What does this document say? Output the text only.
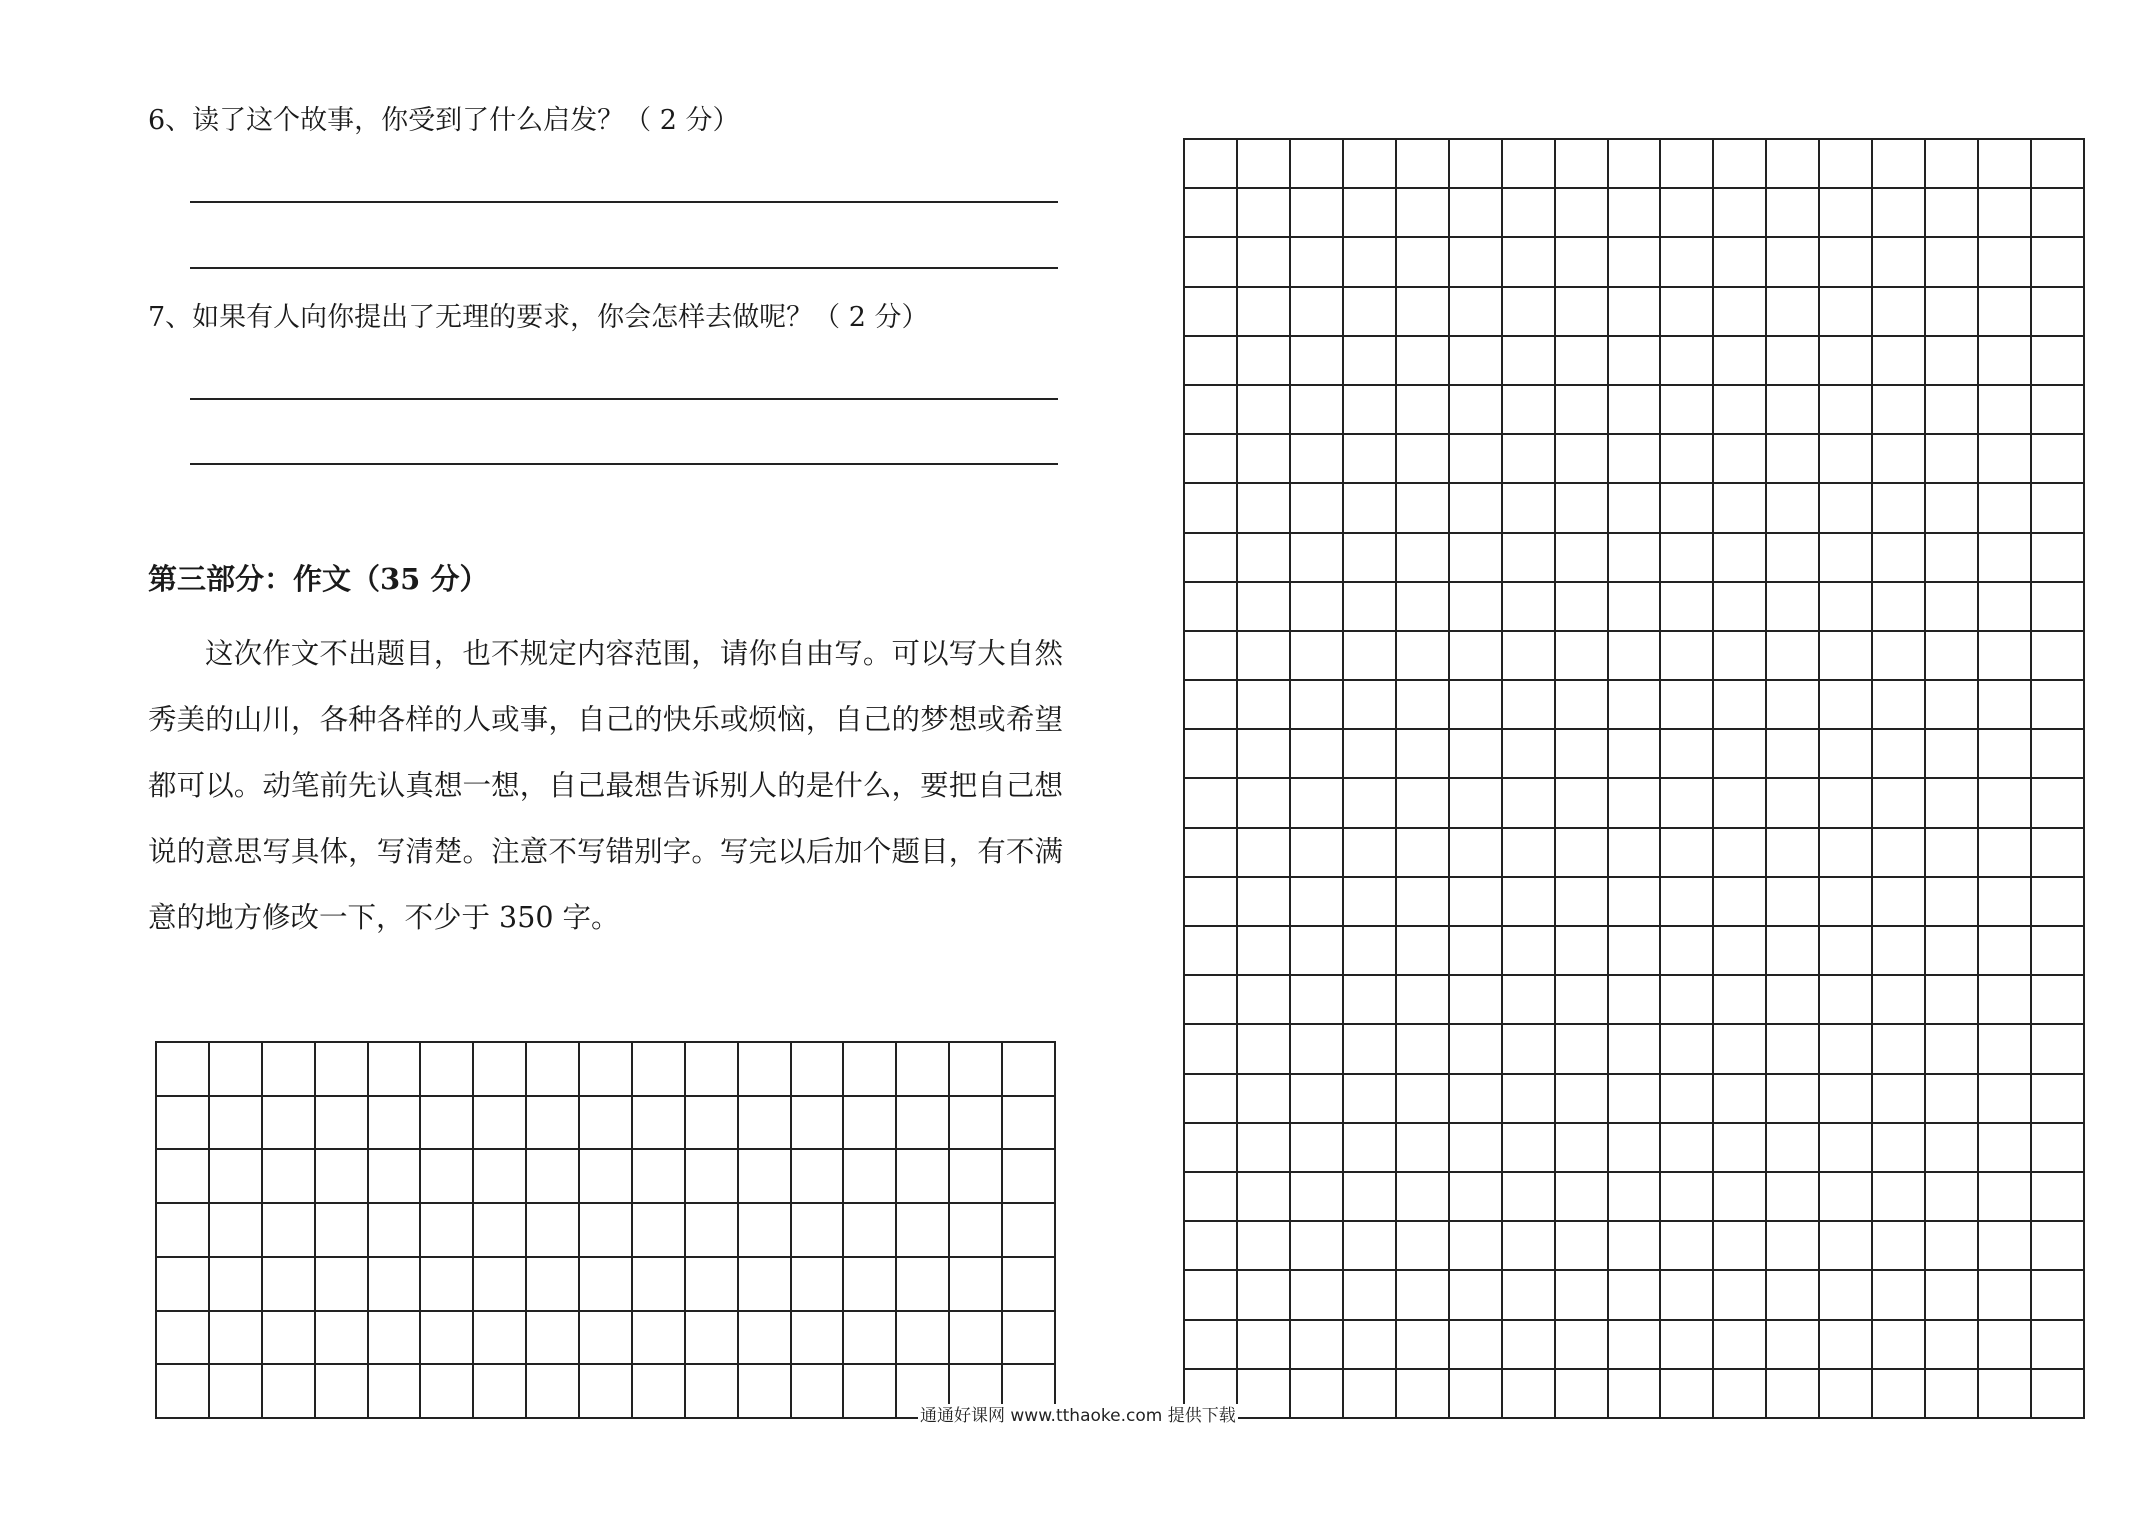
6、读了这个故事，你受到了什么启发？（ 2 分）

7、如果有人向你提出了无理的要求，你会怎样去做呢？（ 2 分）

第三部分：作文（35 分）

这次作文不出题目，也不规定内容范围，请你自由写。可以写大自然秀美的山川，各种各样的人或事，自己的快乐或烦恼，自己的梦想或希望都可以。动笔前先认真想一想，自己最想告诉别人的是什么，要把自己想说的意思写具体，写清楚。注意不写错别字。写完以后加个题目，有不满意的地方修改一下，不少于 350 字。

通通好课网 www.tthaoke.com 提供下载
